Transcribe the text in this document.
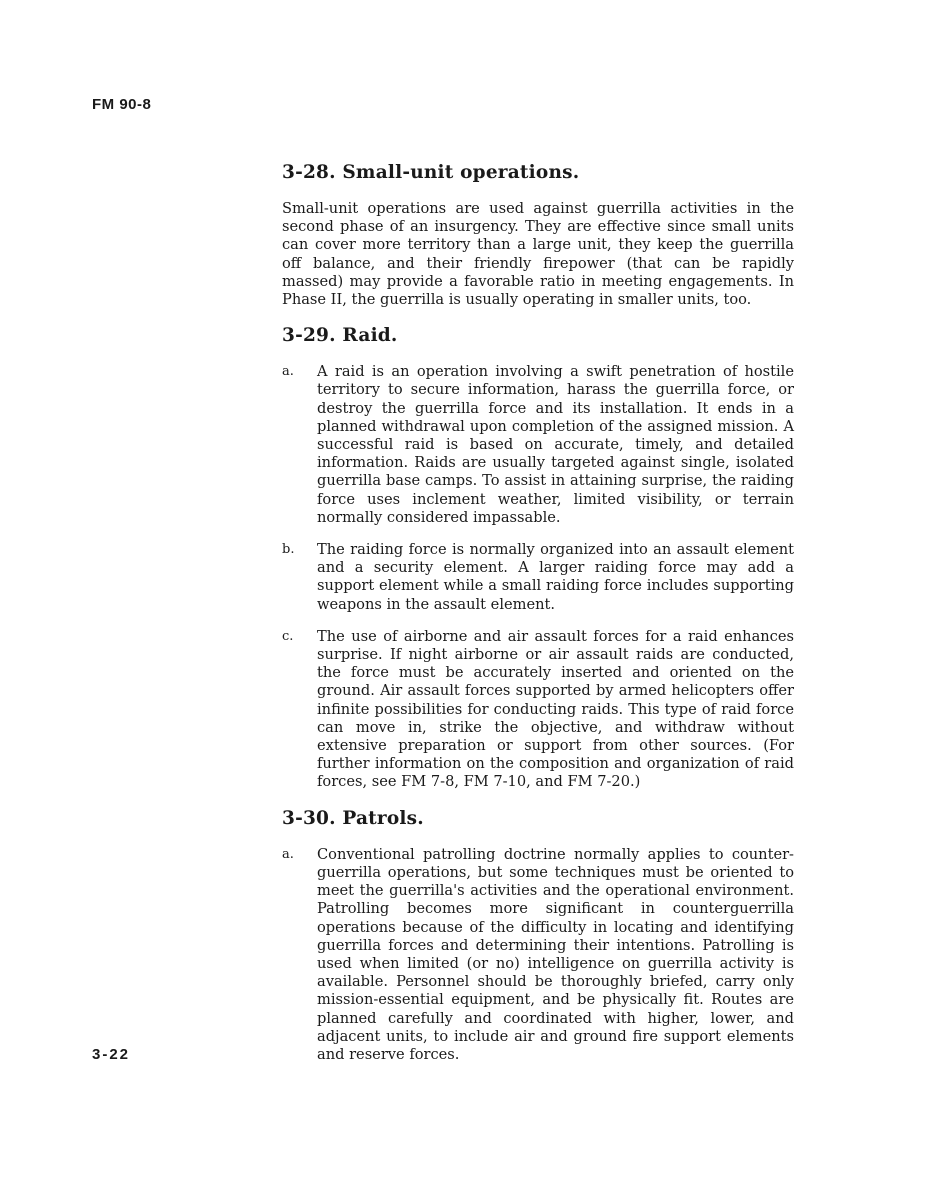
FM 90-8
3-28. Small-unit operations.

Small-unit operations are used against guerrilla activities in the second phase of an insurgency. They are effective since small units can cover more territory than a large unit, they keep the guerrilla off balance, and their friendly firepower (that can be rapidly massed) may provide a favorable ratio in meeting engagements. In Phase II, the guerrilla is usually operating in smaller units, too.

3-29. Raid.
a. A raid is an operation involving a swift penetration of hostile territory to secure information, harass the guerrilla force, or destroy the guerrilla force and its installation. It ends in a planned withdrawal upon completion of the assigned mission. A successful raid is based on accurate, timely, and detailed information. Raids are usually targeted against single, isolated guerrilla base camps. To assist in attaining surprise, the raiding force uses inclement weather, limited visibility, or terrain normally considered impassable.
b. The raiding force is normally organized into an assault element and a security element. A larger raiding force may add a support element while a small raiding force includes supporting weapons in the assault element.
c. The use of airborne and air assault forces for a raid enhances surprise. If night airborne or air assault raids are conducted, the force must be accurately inserted and oriented on the ground. Air assault forces supported by armed helicopters offer infinite possibilities for conducting raids. This type of raid force can move in, strike the objective, and withdraw without extensive preparation or support from other sources. (For further information on the composition and organization of raid forces, see FM 7-8, FM 7-10, and FM 7-20.)
3-30. Patrols.
a. Conventional patrolling doctrine normally applies to counter-guerrilla operations, but some techniques must be oriented to meet the guerrilla's activities and the operational environment. Patrolling becomes more significant in counterguerrilla operations because of the difficulty in locating and identifying guerrilla forces and determining their intentions. Patrolling is used when limited (or no) intelligence on guerrilla activity is available. Personnel should be thoroughly briefed, carry only mission-essential equipment, and be physically fit. Routes are planned carefully and coordinated with higher, lower, and adjacent units, to include air and ground fire support elements and reserve forces.
3-22
